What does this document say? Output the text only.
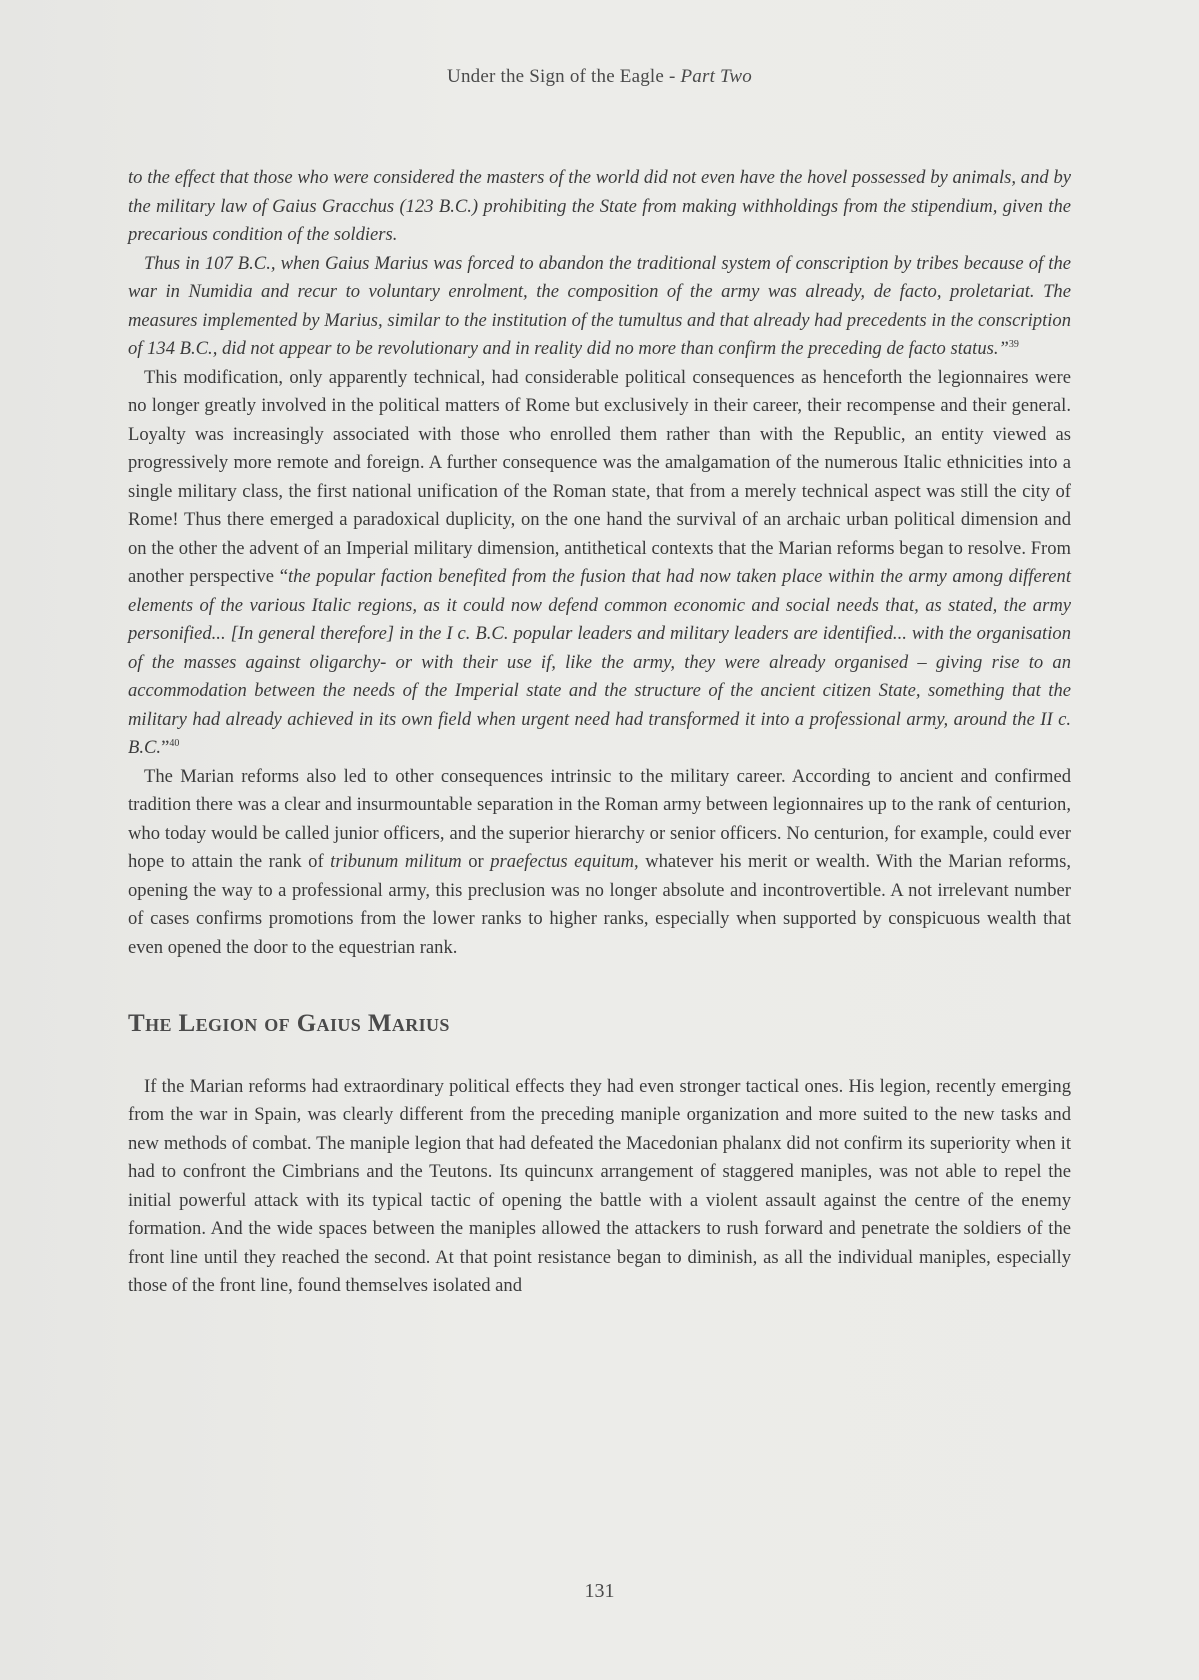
Under the Sign of the Eagle - Part Two

to the effect that those who were considered the masters of the world did not even have the hovel possessed by animals, and by the military law of Gaius Gracchus (123 B.C.) prohibiting the State from making withholdings from the stipendium, given the precarious condition of the soldiers.

Thus in 107 B.C., when Gaius Marius was forced to abandon the traditional system of conscription by tribes because of the war in Numidia and recur to voluntary enrolment, the composition of the army was already, de facto, proletariat. The measures implemented by Marius, similar to the institution of the tumultus and that already had precedents in the conscription of 134 B.C., did not appear to be revolutionary and in reality did no more than confirm the preceding de facto status.”$^{39}$

This modification, only apparently technical, had considerable political consequences as henceforth the legionnaires were no longer greatly involved in the political matters of Rome but exclusively in their career, their recompense and their general. Loyalty was increasingly associated with those who enrolled them rather than with the Republic, an entity viewed as progressively more remote and foreign. A further consequence was the amalgamation of the numerous Italic ethnicities into a single military class, the first national unification of the Roman state, that from a merely technical aspect was still the city of Rome! Thus there emerged a paradoxical duplicity, on the one hand the survival of an archaic urban political dimension and on the other the advent of an Imperial military dimension, antithetical contexts that the Marian reforms began to resolve. From another perspective “the popular faction benefited from the fusion that had now taken place within the army among different elements of the various Italic regions, as it could now defend common economic and social needs that, as stated, the army personified... [In general therefore] in the I c. B.C. popular leaders and military leaders are identified... with the organisation of the masses against oligarchy- or with their use if, like the army, they were already organised – giving rise to an accommodation between the needs of the Imperial state and the structure of the ancient citizen State, something that the military had already achieved in its own field when urgent need had transformed it into a professional army, around the II c. B.C.”$^{40}$

The Marian reforms also led to other consequences intrinsic to the military career. According to ancient and confirmed tradition there was a clear and insurmountable separation in the Roman army between legionnaires up to the rank of centurion, who today would be called junior officers, and the superior hierarchy or senior officers. No centurion, for example, could ever hope to attain the rank of tribunum militum or praefectus equitum, whatever his merit or wealth. With the Marian reforms, opening the way to a professional army, this preclusion was no longer absolute and incontrovertible. A not irrelevant number of cases confirms promotions from the lower ranks to higher ranks, especially when supported by conspicuous wealth that even opened the door to the equestrian rank.

The Legion of Gaius Marius

If the Marian reforms had extraordinary political effects they had even stronger tactical ones. His legion, recently emerging from the war in Spain, was clearly different from the preceding maniple organization and more suited to the new tasks and new methods of combat. The maniple legion that had defeated the Macedonian phalanx did not confirm its superiority when it had to confront the Cimbrians and the Teutons. Its quincunx arrangement of staggered maniples, was not able to repel the initial powerful attack with its typical tactic of opening the battle with a violent assault against the centre of the enemy formation. And the wide spaces between the maniples allowed the attackers to rush forward and penetrate the soldiers of the front line until they reached the second. At that point resistance began to diminish, as all the individual maniples, especially those of the front line, found themselves isolated and

131
